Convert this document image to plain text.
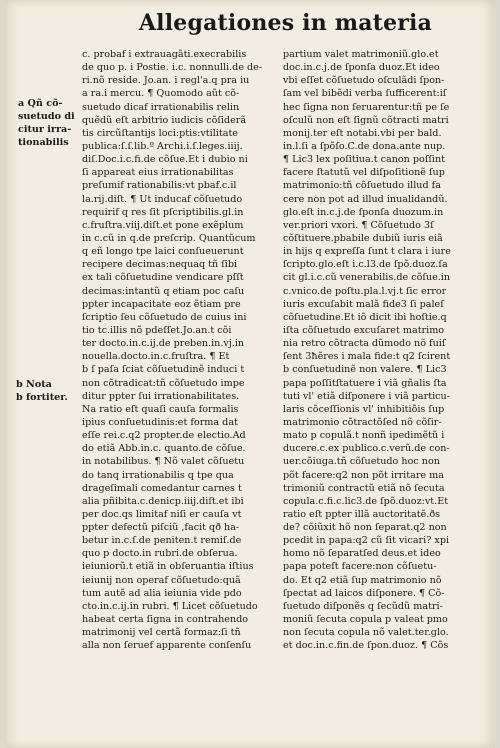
Allegationes in materia
a Qñ cõ-
suetudo di
citur irra-
tionabilis
b Nota
b fortiter.
c. probaf i extrauagãti.execrabilis
de quo p. i Postie. i.c. nonnulli.de de-
ri.nõ reside. Jo.an. i regl'a.q pra iu
a ra.i mercu. ¶ Quomodo aũt cõ-
suetudo dicaf irrationabilis relin
quẽdũ eſt arbitrio iudicis cõſiderã
tis circũſtantijs loci:ptis:vtilitate
publica:ſ.ſ.lib.º Archi.i.ſ.leges.iiij.
diſ.Doc.i.c.fi.de cõſue.Et i dubio ni
ſi appareat eius irrationabilitas
preſumif rationabilis:vt pbaf.c.il
la.rij.diſt. ¶ Ut inducaf cõſuetudo
requirif q res ſit pſcriptibilis.gl.in
c.fruſtra.viij.diſt.et pone exẽplum
in c.cũ in q.de preſcrip. Quantũcum
q eñ longo tpe laici conſueuerunt
recipere decimas:nequaq tñ ſibi
ex tali cõſuetudine vendicare pſſt
decimas:intantũ q etiam poc caſu
ppter incapacitate eoz ẽtiam pre
ſcriptio ſeu cõſuetudo de cuius ini
tio tc.illis nõ pdeſſet.Jo.an.t cõi
ter docto.in.c.ij.de preben.in.vj.in
nouella.docto.in.c.fruſtra. ¶ Et
b ſ paſa ſciat cõſuetudinẽ induci t
non cõtradicat:tñ cõſuetudo impe
ditur ppter ſui irrationabilitates.
Na ratio eſt quaſi cauſa formalis
ipius conſuetudinis:et forma dat
eſſe rei.c.q2 propter.de electio.Ad
do etiã Abb.in.c. quanto.de cõſue.
in notabilibus. ¶ Nõ valet cõſuetu
do tanq irrationabilis q tpe qua
drageſimali comedantur carnes t
alia pñibita.c.denicp.iiij.diſt.et ibi
per doc.qs limitaf niſi er cauſa vt
ppter defectũ piſciũ ,facit qð ha-
betur in.c.ſ.de peniten.t remiſ.de
quo p docto.in rubri.de obſerua.
ieiuniorũ.t etiã in obſeruantia iſtius
ieiunij non operaf cõſuetudo:quã
tum autẽ ad alia ieiunia vide pdo
cto.in.c.ij.in rubri. ¶ Licet cõſuetudo
habeat certa ſigna in contrahendo
matrimonij vel certã formaz:ſi tñ
alla non ſeruef apparente conſenſu
partium valet matrimoniũ.glo.et
doc.in.c.j.de ſponſa duoz.Et ideo
vbi eſſet cõſuetudo oſculãdi ſpon-
ſam vel bibẽdi verba ſufficerent:iſ
hec ſigna non ſeruarentur:tñ pe ſe
oſculũ non eſt ſignũ cõtracti matri
monij.ter eſt notabi.vbi per bald.
in.l.ſi a ſpõſo.C.de dona.ante nup.
¶ Lic3 lex poſitiua.t canon poſſint
facere ſtatutũ vel diſpoſitionẽ ſup
matrimonio:tñ cõſuetudo illud fa
cere non pot ad illud inualidandũ.
glo.eſt in.c.j.de ſponſa duozum.in
ver.priori vxori. ¶ Cõſuetudo 3ſ
cõſtituere.pbabile dubiũ iuris eiã
in hijs q expreſſa ſunt t clara i iure
ſcripto.glo.eſt i.c.l3.de ſpõ.duoz.ſa
cit gl.i.c.cũ venerabilis.de cõſue.in
c.vnico.de poſtu.pla.l.vj.t ſic error
iuris excuſabit malã fide3 ſi paleſ
cõſuetudine.Et iõ dicit ibi hoſtie.q
iſta cõſuetudo excuſaret matrimo
nia retro cõtracta dũmodo nõ fuiſ
ſent 3ħẽres i mala fide:t q2 ſcirent
b conſuetudinẽ non valere. ¶ Lic3
papa poſſitſtatuere i viã gñalis ſta
tuti vl' etiã diſponere i viã particu-
laris cõceſſionis vl' inhibitiõis ſup
matrimonio cõtractõſed nõ cõſir-
mato p copulã.t nonñ ipedimẽtũ i
ducere.c.ex publico.c.verũ.de con-
uer.cõiuga.tñ cõſuetudo hoc non
põt facere:q2 non põt irritare ma
trimoniũ contractũ etiã nõ ſecuta
copula.c.fi.c.lic3.de ſpõ.duoz:vt.Et
ratio eſt ppter illã auctoritatẽ.ðs
de? cõiũxit hõ non ſeparat.q2 non
pcedit in papa:q2 cũ ſit vicari? xpi
homo nõ ſeparatſed deus.et ideo
papa poteſt facere:non cõſuetu-
do. Et q2 etiã ſup matrimonio nõ
ſpectat ad laicos diſponere. ¶ Cõ-
ſuetudo diſponẽs q ſecũdũ matri-
moniũ ſecuta copula p valeat pmo
non ſecuta copula nõ valet.ter.glo.
et doc.in.c.fin.de ſpon.duoz. ¶ Cõs
